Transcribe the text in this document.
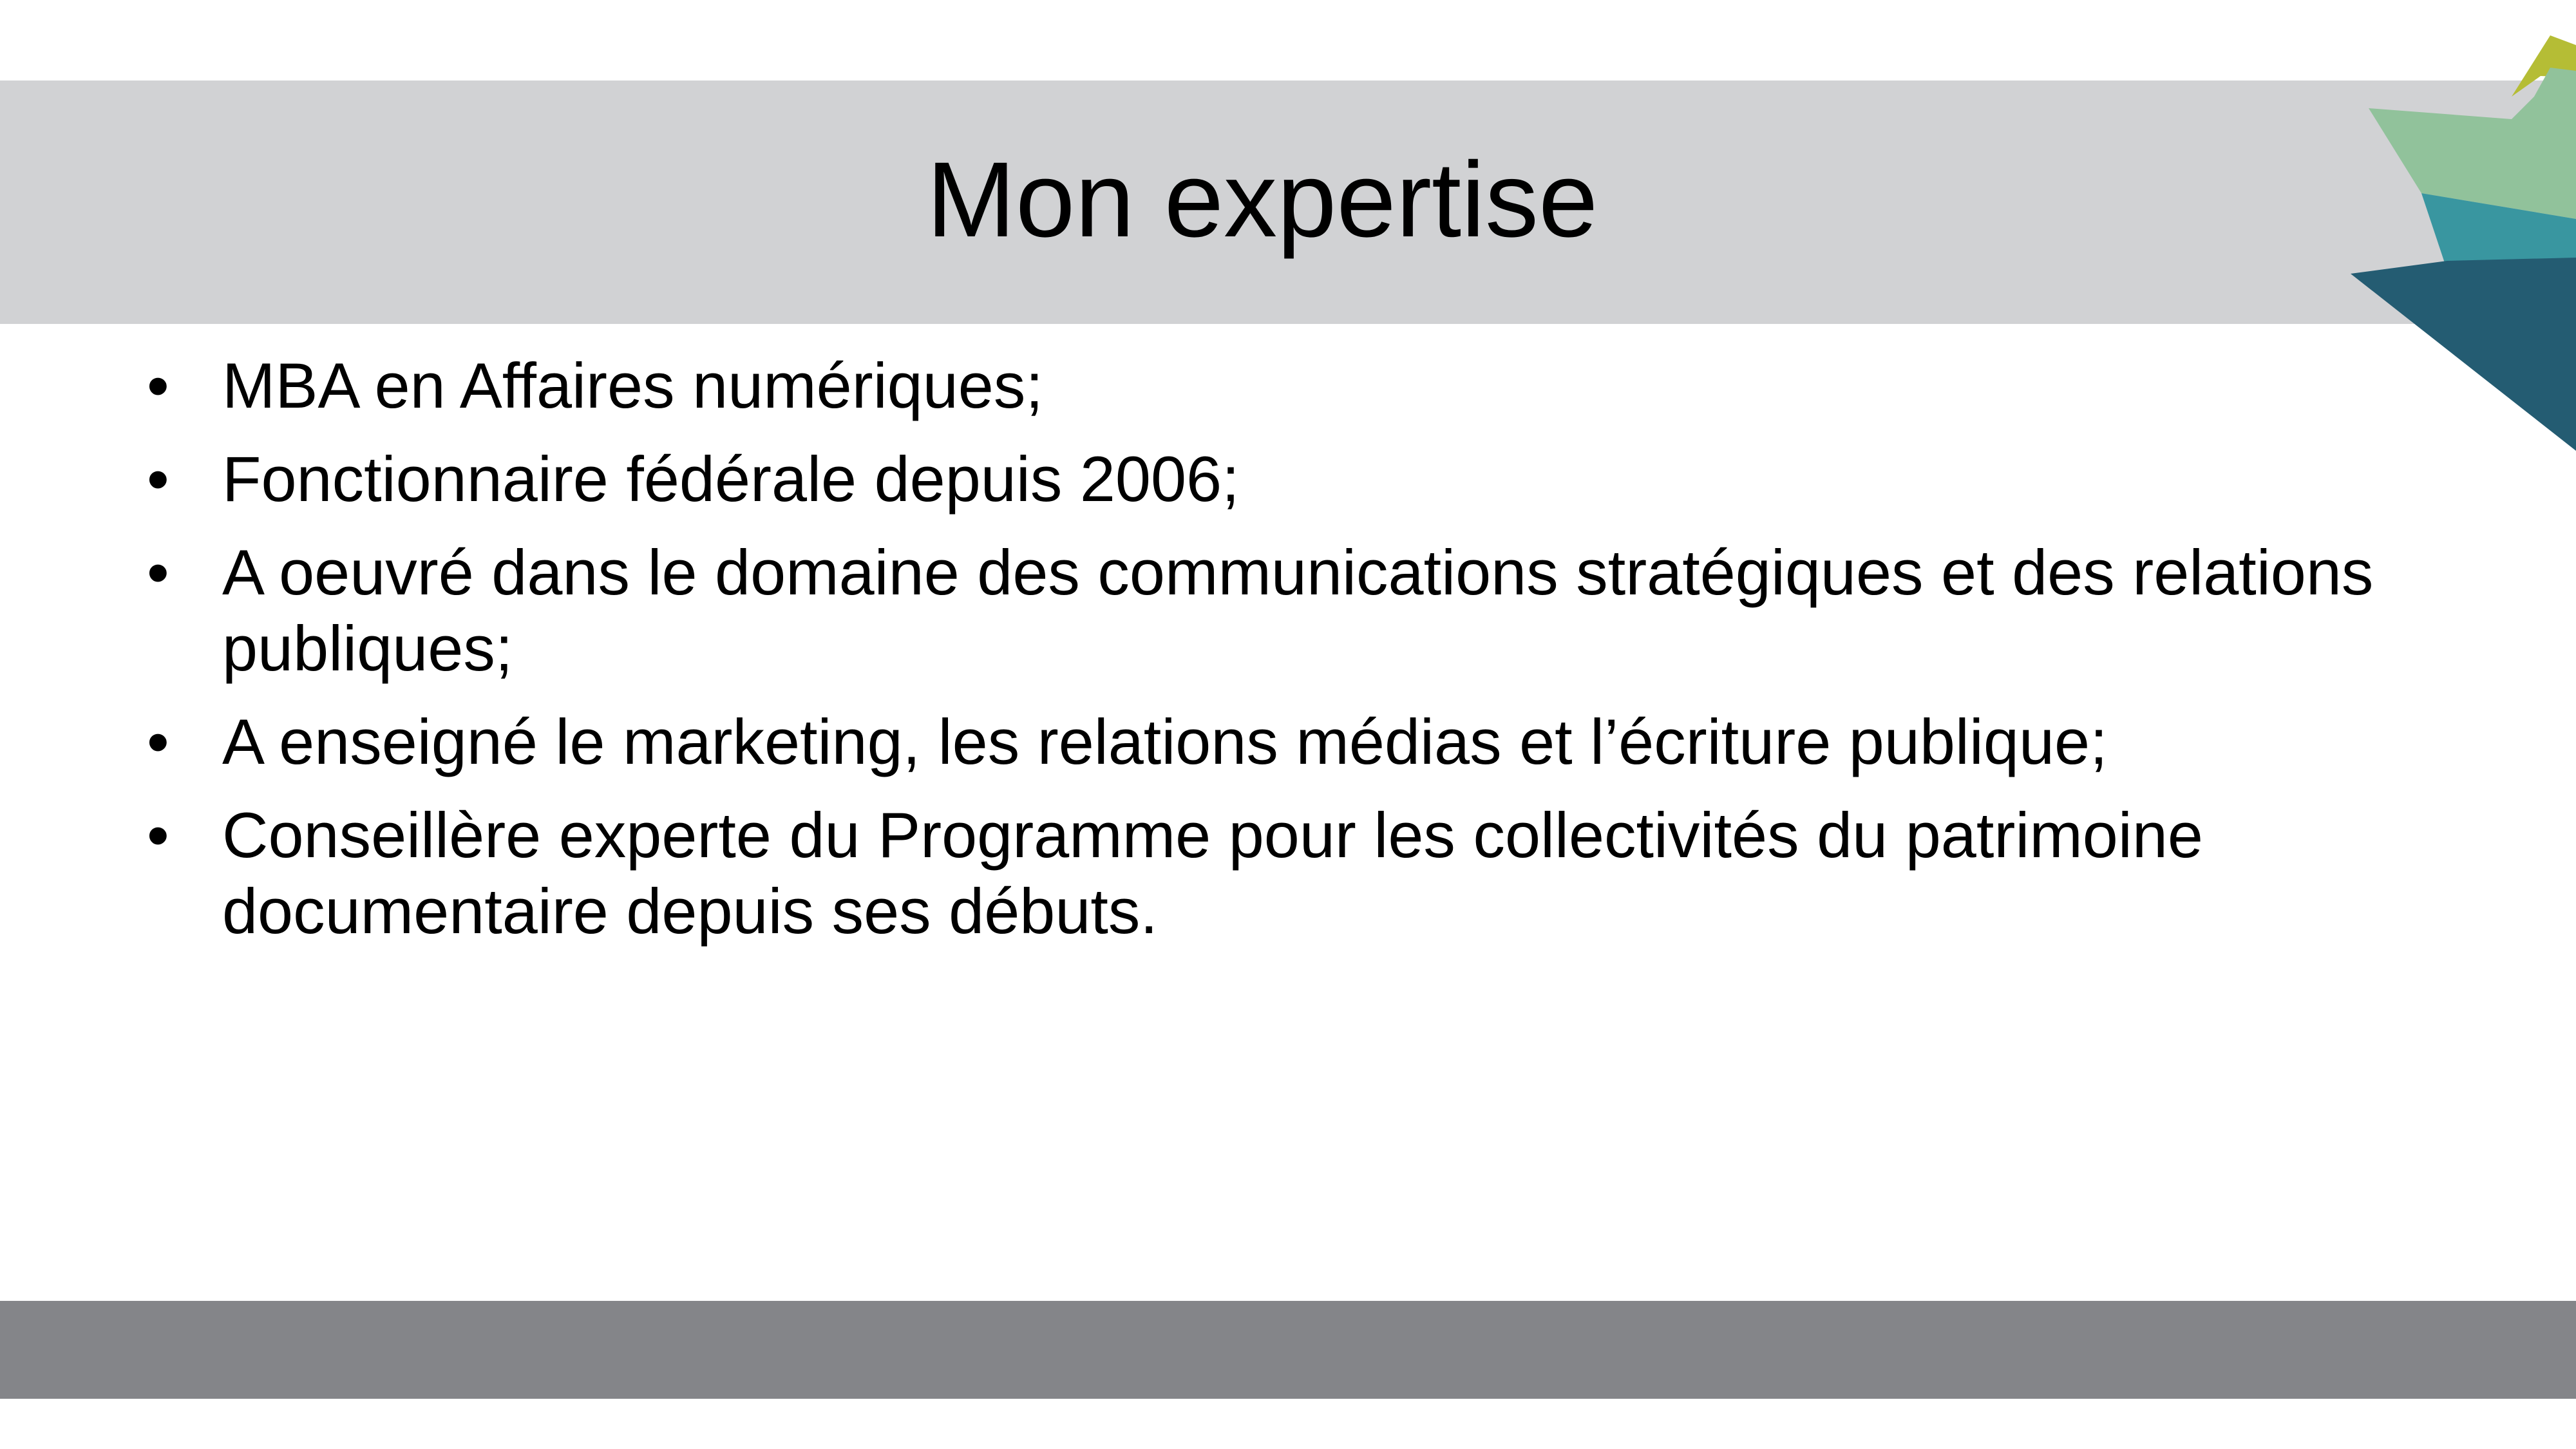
Mon expertise
• MBA en Affaires numériques;
• Fonctionnaire fédérale depuis 2006;
• A oeuvré dans le domaine des communications stratégiques et des relations publiques;
• A enseigné le marketing, les relations médias et l’écriture publique;
• Conseillère experte du Programme pour les collectivités du patrimoine documentaire depuis ses débuts.
